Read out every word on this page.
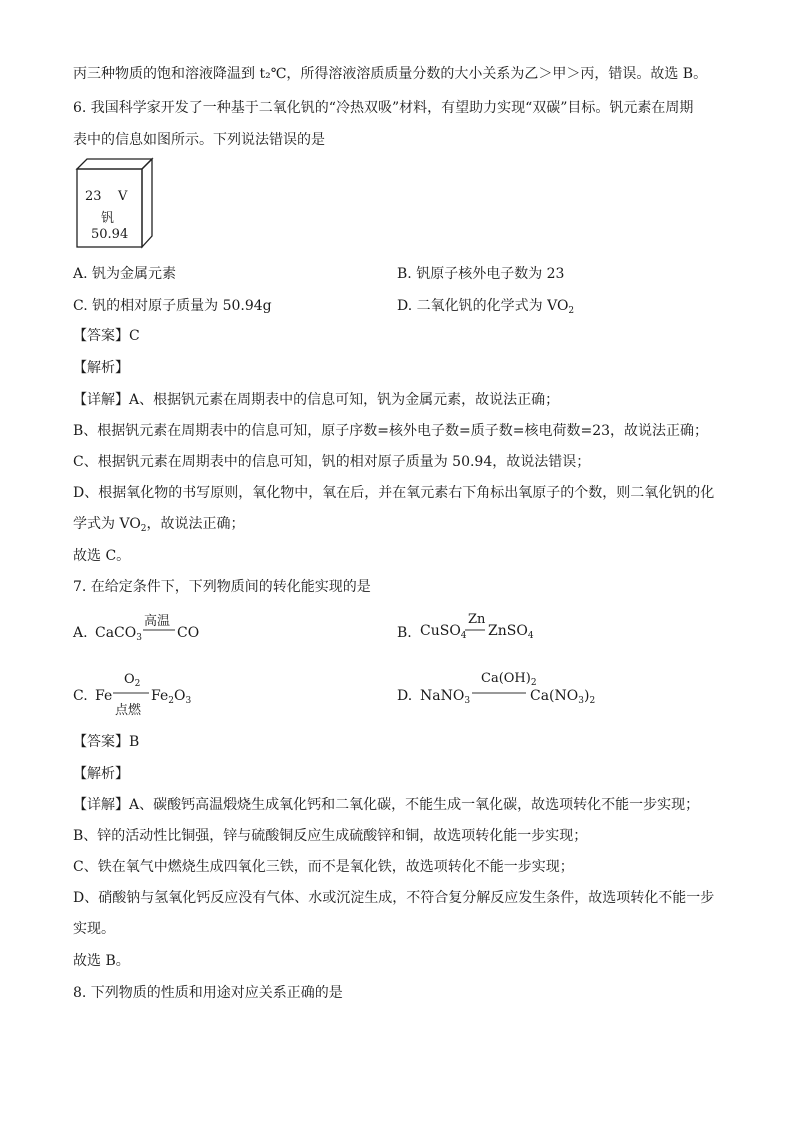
丙三种物质的饱和溶液降温到 t₂℃，所得溶液溶质质量分数的大小关系为乙＞甲＞丙，错误。故选 B。
6. 我国科学家开发了一种基于二氧化钒的“冷热双吸”材料，有望助力实现“双碳”目标。钒元素在周期
表中的信息如图所示。下列说法错误的是
23 V
钒
50.94
A. 钒为金属元素	B. 钒原子核外电子数为 23
C. 钒的相对原子质量为 50.94g	D. 二氧化钒的化学式为 $VO_2$
【答案】C
【解析】
【详解】A、根据钒元素在周期表中的信息可知，钒为金属元素，故说法正确；
B、根据钒元素在周期表中的信息可知，原子序数=核外电子数=质子数=核电荷数=23，故说法正确；
C、根据钒元素在周期表中的信息可知，钒的相对原子质量为 50.94，故说法错误；
D、根据氧化物的书写原则，氧化物中，氧在后，并在氧元素右下角标出氧原子的个数，则二氧化钒的化
学式为 $VO_2$，故说法正确；
故选 C。
7. 在给定条件下，下列物质间的转化能实现的是
A. CaCO$_3$
高温
CO	B. CuSO$_4$
Zn
ZnSO$_4$
C. Fe
$O_2$
点燃
$Fe_2O_3$	D. NaNO$_3$
$Ca(OH)_2$
$Ca(NO_3)_2$
【答案】B
【解析】
【详解】A、碳酸钙高温煅烧生成氧化钙和二氧化碳，不能生成一氧化碳，故选项转化不能一步实现；
B、锌的活动性比铜强，锌与硫酸铜反应生成硫酸锌和铜，故选项转化能一步实现；
C、铁在氧气中燃烧生成四氧化三铁，而不是氧化铁，故选项转化不能一步实现；
D、硝酸钠与氢氧化钙反应没有气体、水或沉淀生成，不符合复分解反应发生条件，故选项转化不能一步
实现。
故选 B。
8. 下列物质的性质和用途对应关系正确的是
